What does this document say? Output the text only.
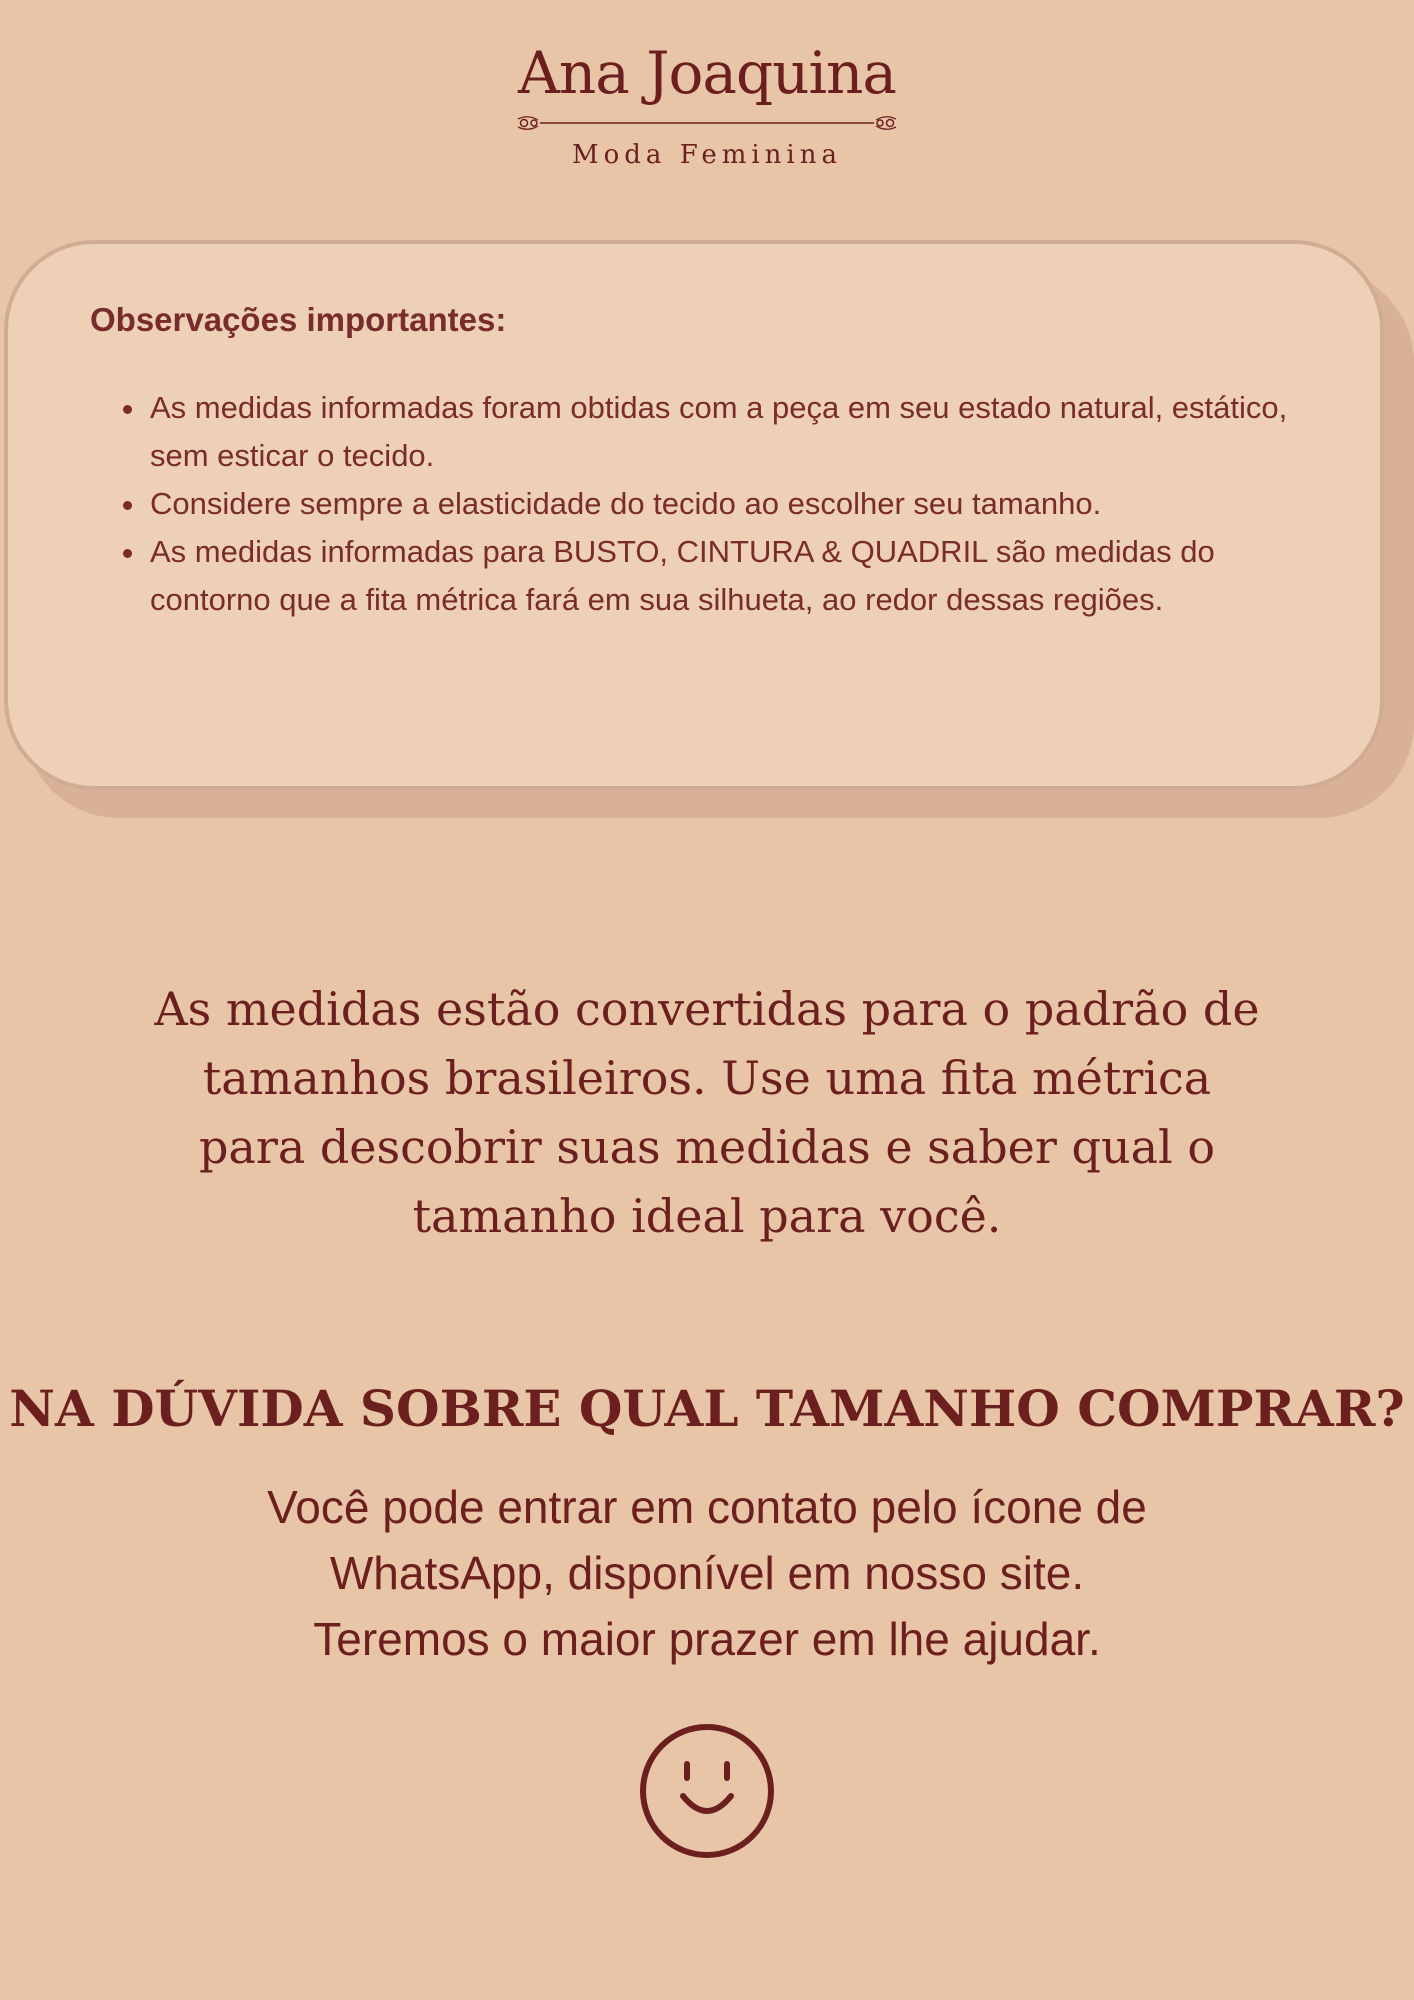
Ana Joaquina
Moda Feminina
Observações importantes:
• As medidas informadas foram obtidas com a peça em seu estado natural, estático, sem esticar o tecido.
• Considere sempre a elasticidade do tecido ao escolher seu tamanho.
• As medidas informadas para BUSTO, CINTURA & QUADRIL são medidas do contorno que a fita métrica fará em sua silhueta, ao redor dessas regiões.

As medidas estão convertidas para o padrão de tamanhos brasileiros. Use uma fita métrica para descobrir suas medidas e saber qual o tamanho ideal para você.

NA DÚVIDA SOBRE QUAL TAMANHO COMPRAR?
Você pode entrar em contato pelo ícone de
WhatsApp, disponível em nosso site.
Teremos o maior prazer em lhe ajudar.
